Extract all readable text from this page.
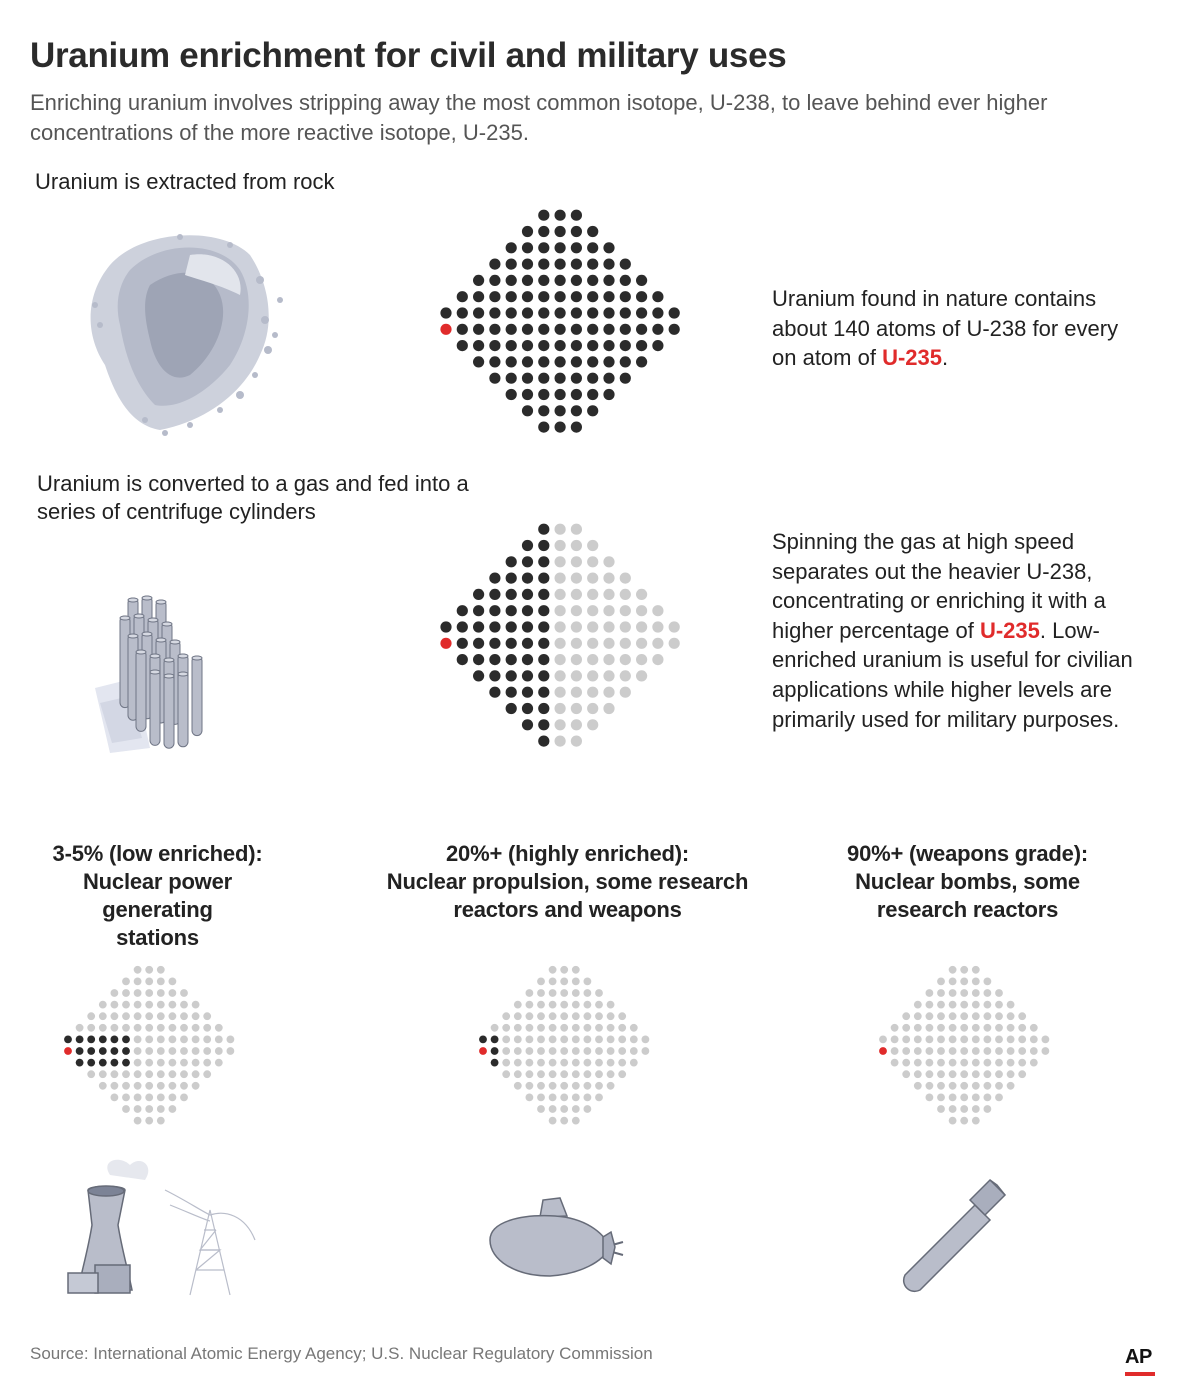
Uranium enrichment for civil and military uses
Enriching uranium involves stripping away the most common isotope, U-238, to leave behind ever higher concentrations of the more reactive isotope, U-235.
Uranium is extracted from rock
Uranium found in nature contains about 140 atoms of U-238 for every on atom of U-235.
Uranium is converted to a gas and fed into a series of centrifuge cylinders
Spinning the gas at high speed separates out the heavier U-238, concentrating or enriching it with a higher percentage of U-235. Low-enriched uranium is useful for civilian applications while higher levels are primarily used for military purposes.
3-5% (low enriched):
Nuclear power generating stations
20%+ (highly enriched):
Nuclear propulsion, some research reactors and weapons
90%+ (weapons grade):
Nuclear bombs, some research reactors
Source: International Atomic Energy Agency; U.S. Nuclear Regulatory Commission	AP
